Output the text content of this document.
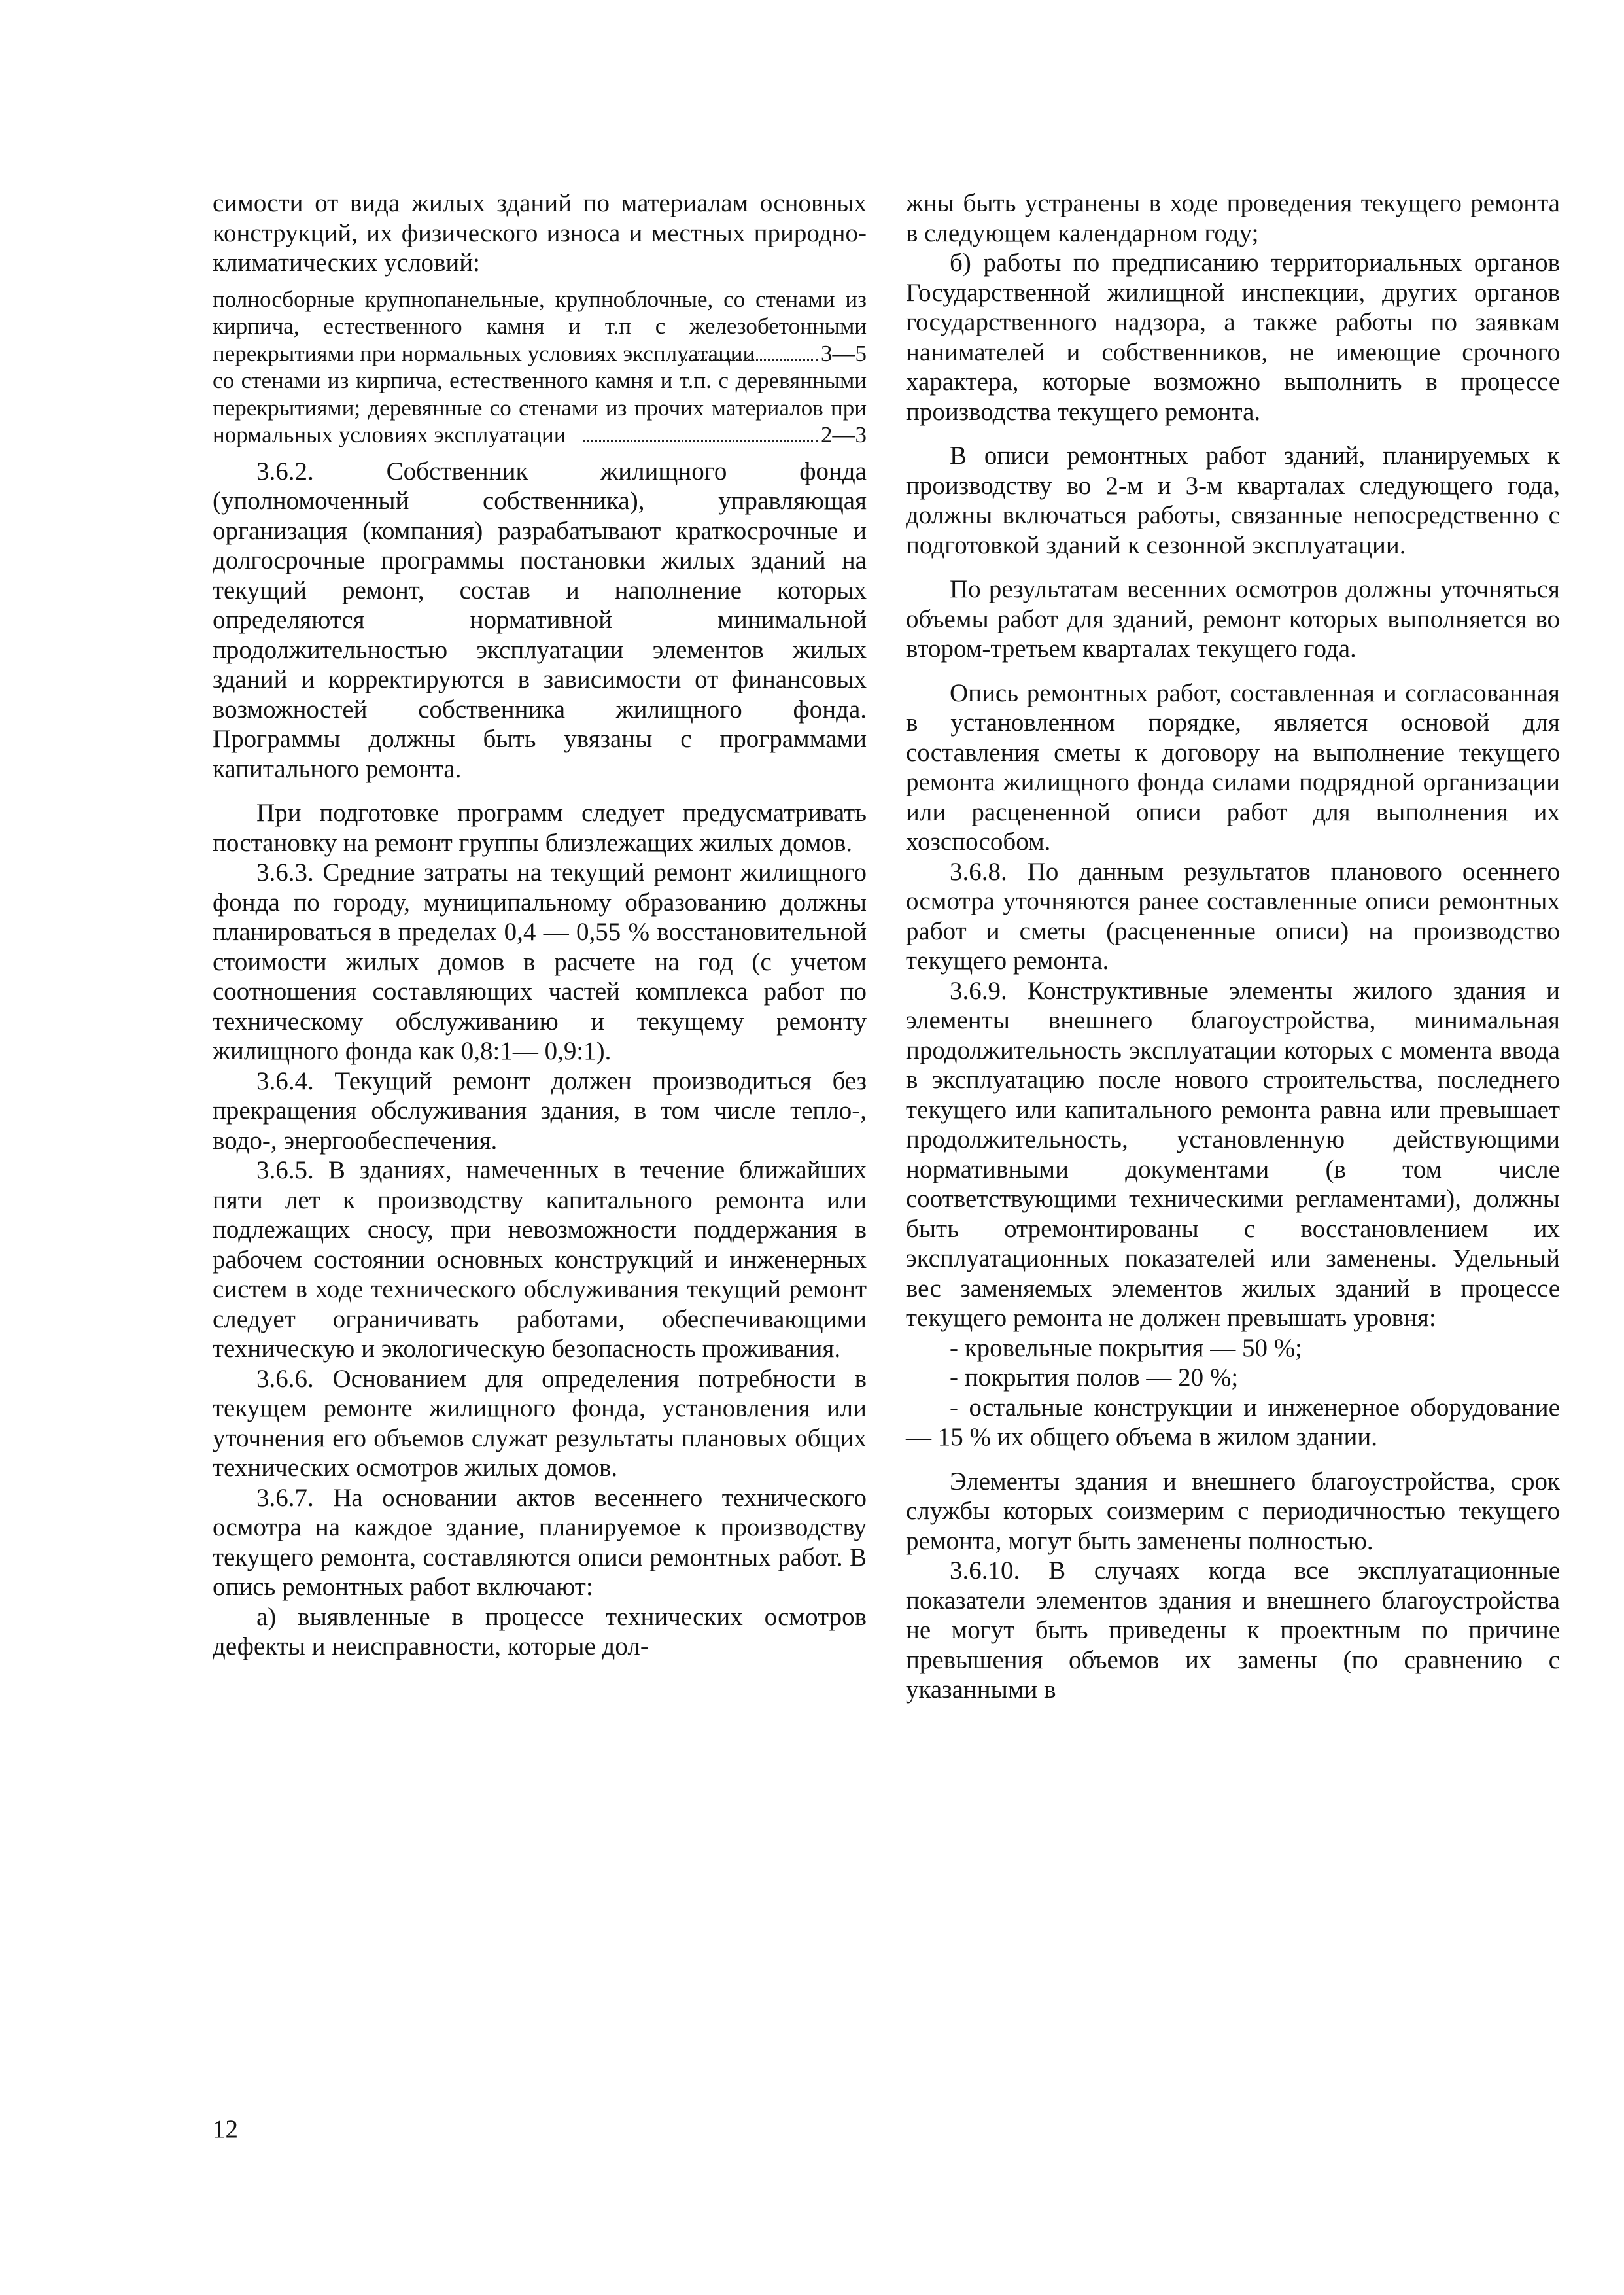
симости от вида жилых зданий по материалам основных конструкций, их физического износа и местных природно-климатических условий:

полносборные крупнопанельные, крупноблочные, со стенами из кирпича, естественного камня и т.п с железобетонными перекрытиями при нормальных условиях эксплуатации	3—5

со стенами из кирпича, естественного камня и т.п. с деревянными перекрытиями; деревянные со стенами из прочих материалов при нормальных условиях эксплуатации	2—3

3.6.2. Собственник жилищного фонда (уполномоченный собственника), управляющая организация (компания) разрабатывают краткосрочные и долгосрочные программы постановки жилых зданий на текущий ремонт, состав и наполнение которых определяются нормативной минимальной продолжительностью эксплуатации элементов жилых зданий и корректируются в зависимости от финансовых возможностей собственника жилищного фонда. Программы должны быть увязаны с программами капитального ремонта.

При подготовке программ следует предусматривать постановку на ремонт группы близлежащих жилых домов.

3.6.3. Средние затраты на текущий ремонт жилищного фонда по городу, муниципальному образованию должны планироваться в пределах 0,4 — 0,55 % восстановительной стоимости жилых домов в расчете на год (с учетом соотношения составляющих частей комплекса работ по техническому обслуживанию и текущему ремонту жилищного фонда как 0,8:1— 0,9:1).

3.6.4. Текущий ремонт должен производиться без прекращения обслуживания здания, в том числе тепло-, водо-, энергообеспечения.

3.6.5. В зданиях, намеченных в течение ближайших пяти лет к производству капитального ремонта или подлежащих сносу, при невозможности поддержания в рабочем состоянии основных конструкций и инженерных систем в ходе технического обслуживания текущий ремонт следует ограничивать работами, обеспечивающими техническую и экологическую безопасность проживания.

3.6.6. Основанием для определения потребности в текущем ремонте жилищного фонда, установления или уточнения его объемов служат результаты плановых общих технических осмотров жилых домов.

3.6.7. На основании актов весеннего технического осмотра на каждое здание, планируемое к производству текущего ремонта, составляются описи ремонтных работ. В опись ремонтных работ включают:

а) выявленные в процессе технических осмотров дефекты и неисправности, которые дол-

жны быть устранены в ходе проведения текущего ремонта в следующем календарном году;

б) работы по предписанию территориальных органов Государственной жилищной инспекции, других органов государственного надзора, а также работы по заявкам нанимателей и собственников, не имеющие срочного характера, которые возможно выполнить в процессе производства текущего ремонта.

В описи ремонтных работ зданий, планируемых к производству во 2-м и 3-м кварталах следующего года, должны включаться работы, связанные непосредственно с подготовкой зданий к сезонной эксплуатации.

По результатам весенних осмотров должны уточняться объемы работ для зданий, ремонт которых выполняется во втором-третьем кварталах текущего года.

Опись ремонтных работ, составленная и согласованная в установленном порядке, является основой для составления сметы к договору на выполнение текущего ремонта жилищного фонда силами подрядной организации или расцененной описи работ для выполнения их хозспособом.

3.6.8. По данным результатов планового осеннего осмотра уточняются ранее составленные описи ремонтных работ и сметы (расцененные описи) на производство текущего ремонта.

3.6.9. Конструктивные элементы жилого здания и элементы внешнего благоустройства, минимальная продолжительность эксплуатации которых с момента ввода в эксплуатацию после нового строительства, последнего текущего или капитального ремонта равна или превышает продолжительность, установленную действующими нормативными документами (в том числе соответствующими техническими регламентами), должны быть отремонтированы с восстановлением их эксплуатационных показателей или заменены. Удельный вес заменяемых элементов жилых зданий в процессе текущего ремонта не должен превышать уровня:

- кровельные покрытия — 50 %;

- покрытия полов — 20 %;

- остальные конструкции и инженерное оборудование — 15 % их общего объема в жилом здании.

Элементы здания и внешнего благоустройства, срок службы которых соизмерим с периодичностью текущего ремонта, могут быть заменены полностью.

3.6.10. В случаях когда все эксплуатационные показатели элементов здания и внешнего благоустройства не могут быть приведены к проектным по причине превышения объемов их замены (по сравнению с указанными в

12
